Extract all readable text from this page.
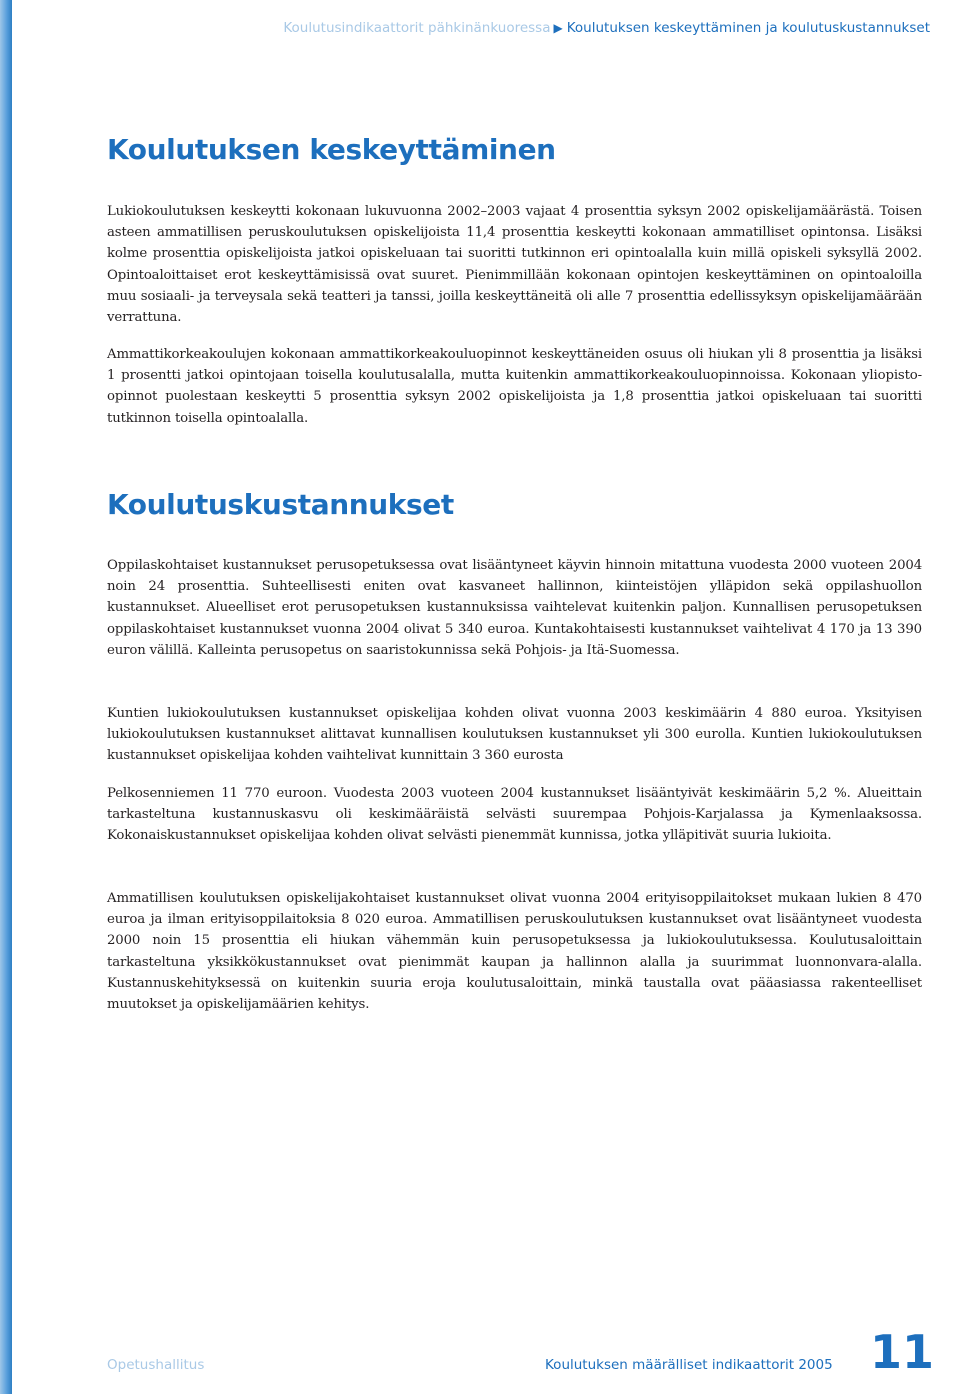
Koulutusindikaattorit pähkinänkuoressa ▶ Koulutuksen keskeyttäminen ja koulutuskustannukset
Koulutuksen keskeyttäminen

Lukiokoulutuksen keskeytti kokonaan lukuvuonna 2002–2003 vajaat 4 prosenttia syksyn 2002 opiskelijamäärästä. Toisen asteen ammatillisen peruskoulutuksen opiskelijoista 11,4 prosenttia keskeytti kokonaan ammatilliset opintonsa. Lisäksi kolme prosenttia opiskelijoista jatkoi opiskeluaan tai suoritti tutkinnon eri opintoalalla kuin millä opiskeli syksyllä 2002. Opintoaloittaiset erot keskeyttämisissä ovat suuret. Pienimmillään kokonaan opintojen keskeyttäminen on opintoaloilla muu sosiaali- ja terveysala sekä teatteri ja tanssi, joilla keskeyttäneitä oli alle 7 prosenttia edellissyksyn opiskelijamäärään verrattuna.

Ammattikorkeakoulujen kokonaan ammattikorkeakouluopinnot keskeyttäneiden osuus oli hiukan yli 8 prosenttia ja lisäksi 1 prosentti jatkoi opintojaan toisella koulutusalalla, mutta kuitenkin ammattikorkeakouluopinnoissa. Kokonaan yliopisto-opinnot puolestaan keskeytti 5 prosenttia syksyn 2002 opiskelijoista ja 1,8 prosenttia jatkoi opiskeluaan tai suoritti tutkinnon toisella opintoalalla.

Koulutuskustannukset

Oppilaskohtaiset kustannukset perusopetuksessa ovat lisääntyneet käyvin hinnoin mitattuna vuodesta 2000 vuoteen 2004 noin 24 prosenttia. Suhteellisesti eniten ovat kasvaneet hallinnon, kiinteistöjen ylläpidon sekä oppilashuollon kustannukset. Alueelliset erot perusopetuksen kustannuksissa vaihtelevat kuitenkin paljon. Kunnallisen perusopetuksen oppilaskohtaiset kustannukset vuonna 2004 olivat 5 340 euroa. Kuntakohtaisesti kustannukset vaihtelivat 4 170 ja 13 390 euron välillä. Kalleinta perusopetus on saaristokunnissa sekä Pohjois- ja Itä-Suomessa.

Kuntien lukiokoulutuksen kustannukset opiskelijaa kohden olivat vuonna 2003 keskimäärin 4 880 euroa. Yksityisen lukiokoulutuksen kustannukset alittavat kunnallisen koulutuksen kustannukset yli 300 eurolla. Kuntien lukiokoulutuksen kustannukset opiskelijaa kohden vaihtelivat kunnittain 3 360 eurosta

Pelkosenniemen 11 770 euroon. Vuodesta 2003 vuoteen 2004 kustannukset lisääntyivät keskimäärin 5,2 %. Alueittain tarkasteltuna kustannuskasvu oli keskimääräistä selvästi suurempaa Pohjois-Karjalassa ja Kymenlaaksossa. Kokonaiskustannukset opiskelijaa kohden olivat selvästi pienemmät kunnissa, jotka ylläpitivät suuria lukioita.

Ammatillisen koulutuksen opiskelijakohtaiset kustannukset olivat vuonna 2004 erityisoppilaitokset mukaan lukien 8 470 euroa ja ilman erityisoppilaitoksia 8 020 euroa. Ammatillisen peruskoulutuksen kustannukset ovat lisääntyneet vuodesta 2000 noin 15 prosenttia eli hiukan vähemmän kuin perusopetuksessa ja lukiokoulutuksessa. Koulutusaloittain tarkasteltuna yksikkökustannukset ovat pienimmät kaupan ja hallinnon alalla ja suurimmat luonnonvara-alalla. Kustannuskehityksessä on kuitenkin suuria eroja koulutusaloittain, minkä taustalla ovat pääasiassa rakenteelliset muutokset ja opiskelijamäärien kehitys.

Opetushallitus	Koulutuksen määrälliset indikaattorit 2005 11
